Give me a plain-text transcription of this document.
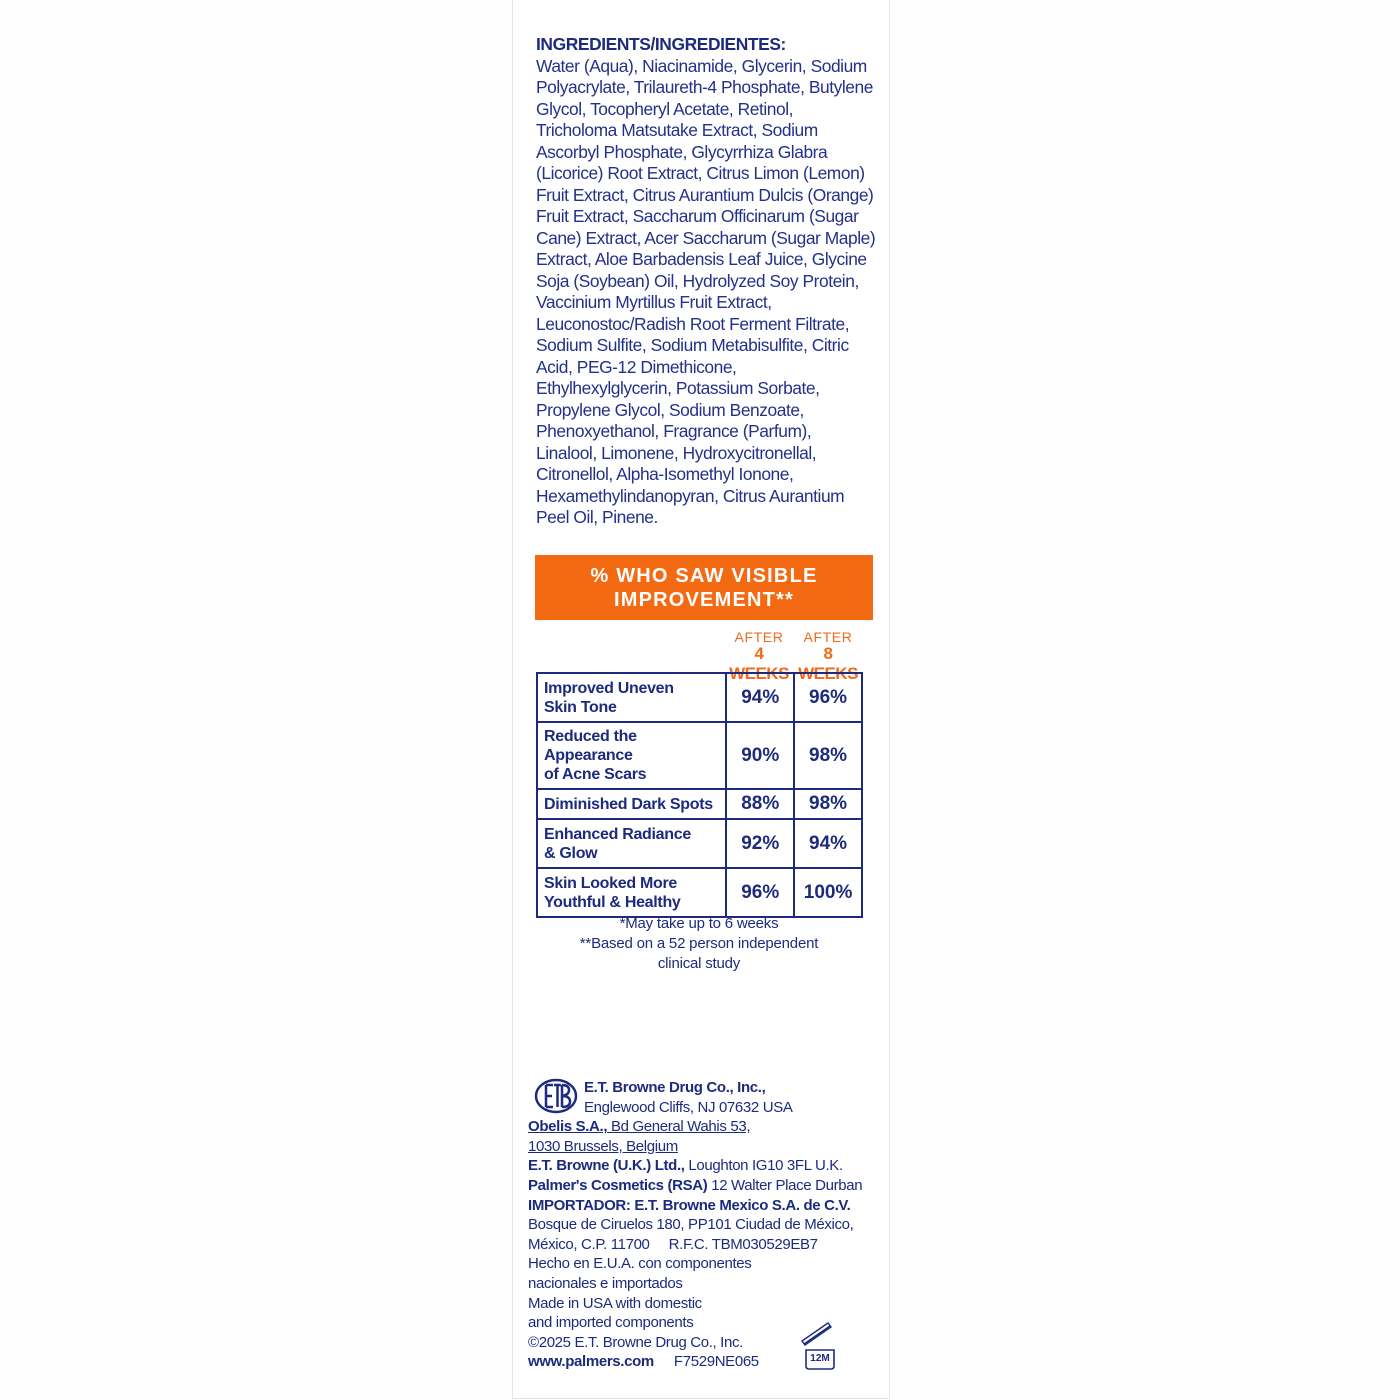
INGREDIENTS/INGREDIENTES:
Water (Aqua), Niacinamide, Glycerin, Sodium Polyacrylate, Trilaureth-4 Phosphate, Butylene Glycol, Tocopheryl Acetate, Retinol, Tricholoma Matsutake Extract, Sodium Ascorbyl Phosphate, Glycyrrhiza Glabra (Licorice) Root Extract, Citrus Limon (Lemon) Fruit Extract, Citrus Aurantium Dulcis (Orange) Fruit Extract, Saccharum Officinarum (Sugar Cane) Extract, Acer Saccharum (Sugar Maple) Extract, Aloe Barbadensis Leaf Juice, Glycine Soja (Soybean) Oil, Hydrolyzed Soy Protein, Vaccinium Myrtillus Fruit Extract, Leuconostoc/Radish Root Ferment Filtrate, Sodium Sulfite, Sodium Metabisulfite, Citric Acid, PEG-12 Dimethicone, Ethylhexylglycerin, Potassium Sorbate, Propylene Glycol, Sodium Benzoate, Phenoxyethanol, Fragrance (Parfum), Linalool, Limonene, Hydroxycitronellal, Citronellol, Alpha-Isomethyl Ionone, Hexamethylindanopyran, Citrus Aurantium Peel Oil, Pinene.
% WHO SAW VISIBLE
IMPROVEMENT**
AFTER
4 WEEKS
AFTER
8 WEEKS
Improved Uneven
Skin Tone	94%	96%

Reduced the Appearance
of Acne Scars	90%	98%

Diminished Dark Spots	88%	98%

Enhanced Radiance
& Glow	92%	94%

Skin Looked More
Youthful & Healthy	96%	100%
*May take up to 6 weeks
**Based on a 52 person independent
clinical study
E.T. Browne Drug Co., Inc.,
Englewood Cliffs, NJ 07632 USA
Obelis S.A., Bd General Wahis 53,
1030 Brussels, Belgium
E.T. Browne (U.K.) Ltd., Loughton IG10 3FL U.K.
Palmer's Cosmetics (RSA) 12 Walter Place Durban
IMPORTADOR: E.T. Browne Mexico S.A. de C.V.
Bosque de Ciruelos 180, PP101 Ciudad de México,
México, C.P. 11700     R.F.C. TBM030529EB7
Hecho en E.U.A. con componentes
nacionales e importados
Made in USA with domestic
and imported components
©2025 E.T. Browne Drug Co., Inc.
www.palmers.com F7529NE065	12M
